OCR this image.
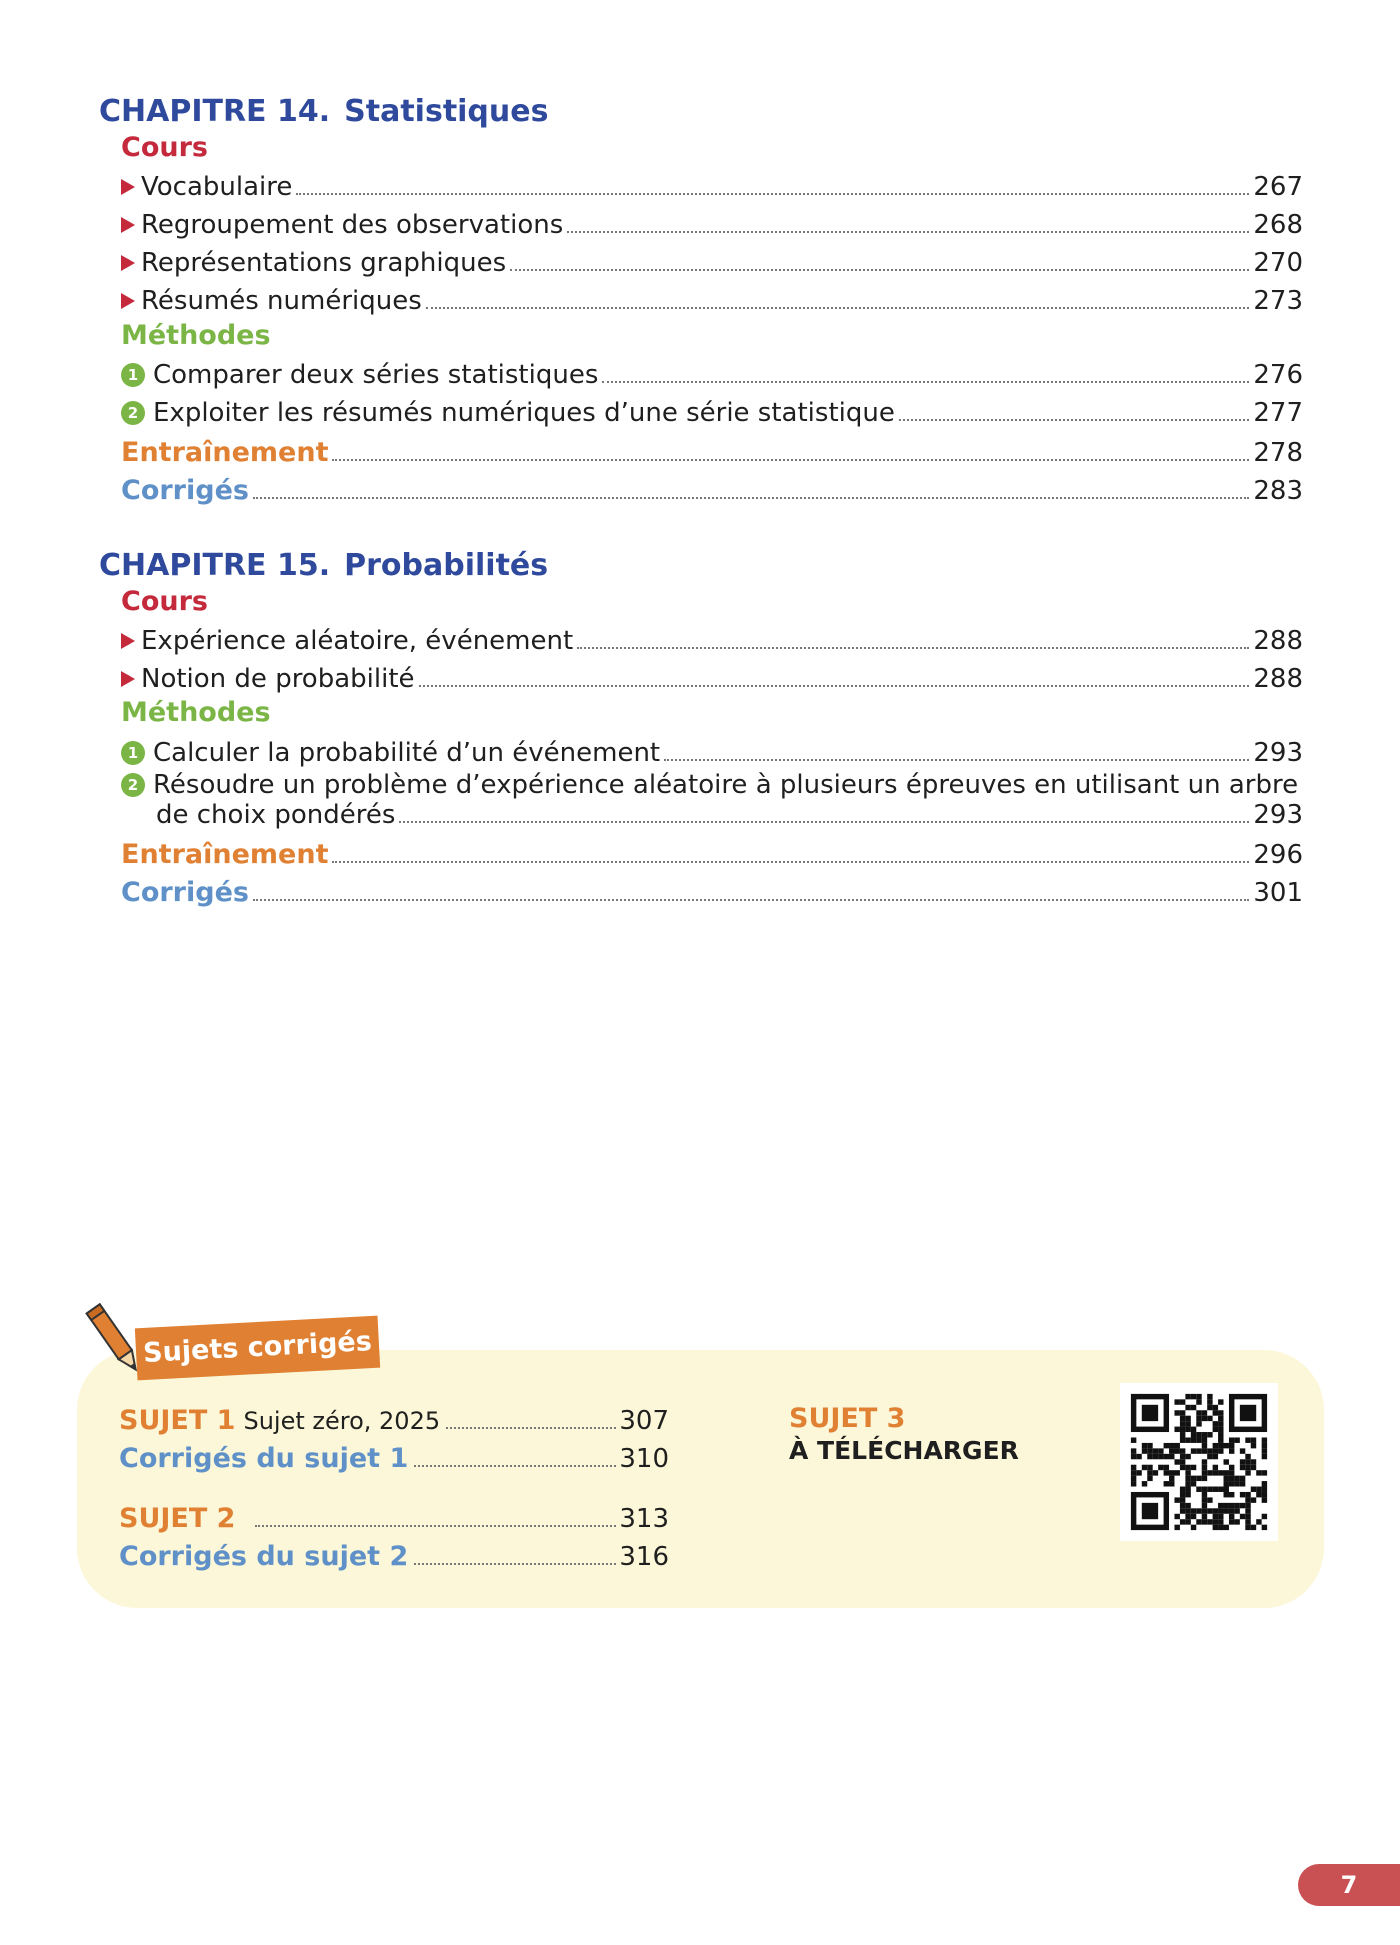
CHAPITRE 14. Statistiques
Cours
Vocabulaire	267
Regroupement des observations	268
Représentations graphiques	270
Résumés numériques	273
Méthodes
1 Comparer deux séries statistiques	276
2 Exploiter les résumés numériques d’une série statistique	277
Entraînement	278
Corrigés	283
CHAPITRE 15. Probabilités
Cours
Expérience aléatoire, événement	288
Notion de probabilité	288
Méthodes
1 Calculer la probabilité d’un événement	293
2 Résoudre un problème d’expérience aléatoire à plusieurs épreuves en utilisant un arbre
de choix pondérés	293
Entraînement	296
Corrigés	301
Sujets corrigés
SUJET 1 Sujet zéro, 2025	307
Corrigés du sujet 1	310
SUJET 2	313
Corrigés du sujet 2	316
SUJET 3
À TÉLÉCHARGER
7
